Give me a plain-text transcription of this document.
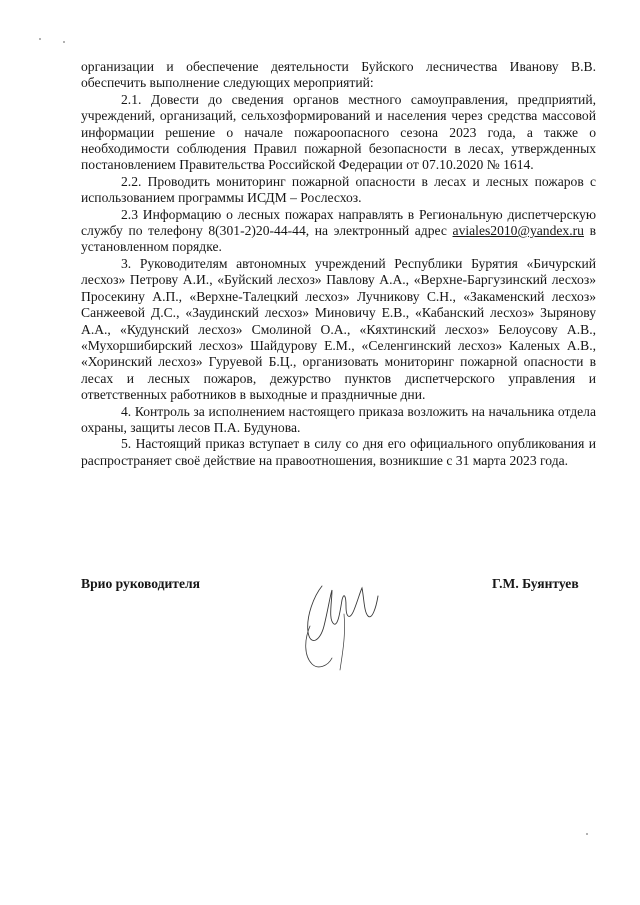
организации и обеспечение деятельности Буйского лесничества Иванову В.В. обеспечить выполнение следующих мероприятий:

2.1. Довести до сведения органов местного самоуправления, предприятий, учреждений, организаций, сельхозформирований и населения через средства массовой информации решение о начале пожароопасного сезона 2023 года, а также о необходимости соблюдения Правил пожарной безопасности в лесах, утвержденных постановлением Правительства Российской Федерации от 07.10.2020 № 1614.

2.2. Проводить мониторинг пожарной опасности в лесах и лесных пожаров с использованием программы ИСДМ – Рослесхоз.

2.3 Информацию о лесных пожарах направлять в Региональную диспетчерскую службу по телефону 8(301-2)20-44-44, на электронный адрес aviales2010@yandex.ru в установленном порядке.

3. Руководителям автономных учреждений Республики Бурятия «Бичурский лесхоз» Петрову А.И., «Буйский лесхоз» Павлову А.А., «Верхне-Баргузинский лесхоз» Просекину А.П., «Верхне-Талецкий лесхоз» Лучникову С.Н., «Закаменский лесхоз» Санжеевой Д.С., «Заудинский лесхоз» Миновичу Е.В., «Кабанский лесхоз» Зырянову А.А., «Кудунский лесхоз» Смолиной О.А., «Кяхтинский лесхоз» Белоусову А.В., «Мухоршибирский лесхоз» Шайдурову Е.М., «Селенгинский лесхоз» Каленых А.В., «Хоринский лесхоз» Гуруевой Б.Ц., организовать мониторинг пожарной опасности в лесах и лесных пожаров, дежурство пунктов диспетчерского управления и ответственных работников в выходные и праздничные дни.

4. Контроль за исполнением настоящего приказа возложить на начальника отдела охраны, защиты лесов П.А. Будунова.

5. Настоящий приказ вступает в силу со дня его официального опубликования и распространяет своё действие на правоотношения, возникшие с 31 марта 2023 года.

Врио руководителя	Г.М. Буянтуев
